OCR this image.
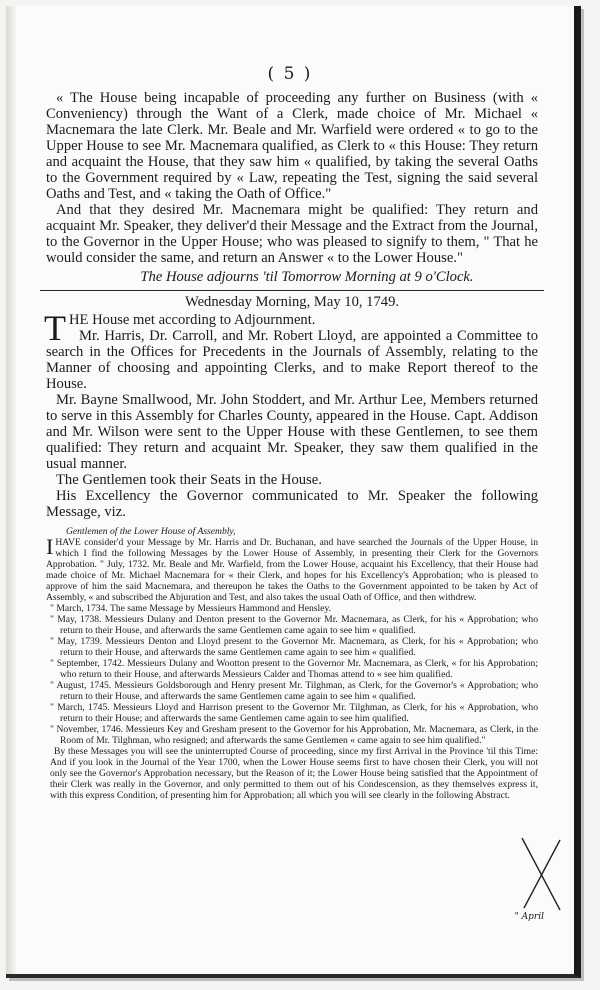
( 5 )

« The House being incapable of proceeding any further on Business (with « Conveniency) through the Want of a Clerk, made choice of Mr. Michael « Macnemara the late Clerk. Mr. Beale and Mr. Warfield were ordered « to go to the Upper House to see Mr. Macnemara qualified, as Clerk to « this House: They return and acquaint the House, that they saw him « qualified, by taking the several Oaths to the Government required by « Law, repeating the Test, signing the said several Oaths and Test, and « taking the Oath of Office."

And that they desired Mr. Macnemara might be qualified: They return and acquaint Mr. Speaker, they deliver'd their Message and the Extract from the Journal, to the Governor in the Upper House; who was pleased to signify to them, " That he would consider the same, and return an Answer « to the Lower House."

The House adjourns 'til Tomorrow Morning at 9 o'Clock.
Wednesday Morning, May 10, 1749.
T HE House met according to Adjournment.

Mr. Harris, Dr. Carroll, and Mr. Robert Lloyd, are appointed a Committee to search in the Offices for Precedents in the Journals of Assembly, relating to the Manner of choosing and appointing Clerks, and to make Report thereof to the House.

Mr. Bayne Smallwood, Mr. John Stoddert, and Mr. Arthur Lee, Members returned to serve in this Assembly for Charles County, appeared in the House. Capt. Addison and Mr. Wilson were sent to the Upper House with these Gentlemen, to see them qualified: They return and acquaint Mr. Speaker, they saw them qualified in the usual manner.

The Gentlemen took their Seats in the House.

His Excellency the Governor communicated to Mr. Speaker the following Message, viz.

Gentlemen of the Lower House of Assembly,

I HAVE consider'd your Message by Mr. Harris and Dr. Buchanan, and have searched the Journals of the Upper House, in which I find the following Messages by the Lower House of Assembly, in presenting their Clerk for the Governors Approbation. " July, 1732. Mr. Beale and Mr. Warfield, from the Lower House, acquaint his Excellency, that their House had made choice of Mr. Michael Macnemara for « their Clerk, and hopes for his Excellency's Approbation; who is pleased to approve of him the said Macnemara, and thereupon he takes the Oaths to the Government appointed to be taken by Act of Assembly, « and subscribed the Abjuration and Test, and also takes the usual Oath of Office, and then withdrew.

" March, 1734. The same Message by Messieurs Hammond and Hensley.

" May, 1738. Messieurs Dulany and Denton present to the Governor Mr. Macnemara, as Clerk, for his « Approbation; who return to their House, and afterwards the same Gentlemen came again to see him « qualified.

" May, 1739. Messieurs Denton and Lloyd present to the Governor Mr. Macnemara, as Clerk, for his « Approbation; who return to their House, and afterwards the same Gentlemen came again to see him « qualified.

" September, 1742. Messieurs Dulany and Wootton present to the Governor Mr. Macnemara, as Clerk, « for his Approbation; who return to their House, and afterwards Messieurs Calder and Thomas attend to « see him qualified.

" August, 1745. Messieurs Goldsborough and Henry present Mr. Tilghman, as Clerk, for the Governor's « Approbation; who return to their House, and afterwards the same Gentlemen came again to see him « qualified.

" March, 1745. Messieurs Lloyd and Harrison present to the Governor Mr. Tilghman, as Clerk, for his « Approbation, who return to their House; and afterwards the same Gentlemen came again to see him qualified.

" November, 1746. Messieurs Key and Gresham present to the Governor for his Approbation, Mr. Macnemara, as Clerk, in the Room of Mr. Tilghman, who resigned; and afterwards the same Gentlemen « came again to see him qualified."

By these Messages you will see the uninterrupted Course of proceeding, since my first Arrival in the Province 'til this Time: And if you look in the Journal of the Year 1700, when the Lower House seems first to have chosen their Clerk, you will not only see the Governor's Approbation necessary, but the Reason of it; the Lower House being satisfied that the Appointment of their Clerk was really in the Governor, and only permitted to them out of his Condescension, as they themselves express it, with this express Condition, of presenting him for Approbation; all which you will see clearly in the following Abstract.

" April
